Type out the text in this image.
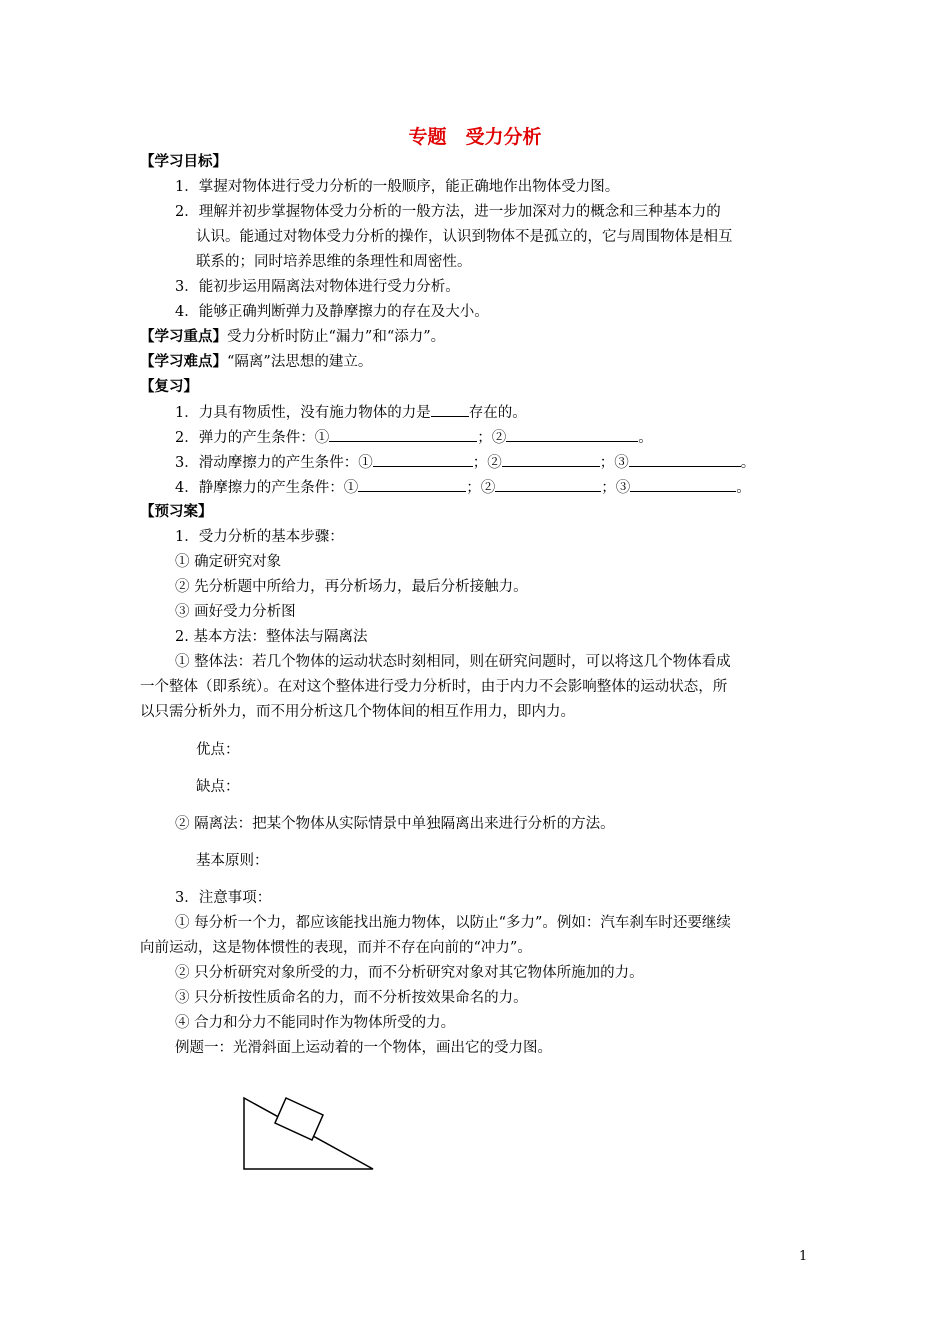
专题　受力分析
【学习目标】
1．掌握对物体进行受力分析的一般顺序，能正确地作出物体受力图。
2．理解并初步掌握物体受力分析的一般方法，进一步加深对力的概念和三种基本力的
认识。能通过对物体受力分析的操作，认识到物体不是孤立的，它与周围物体是相互
联系的；同时培养思维的条理性和周密性。
3．能初步运用隔离法对物体进行受力分析。
4．能够正确判断弹力及静摩擦力的存在及大小。
【学习重点】受力分析时防止“漏力”和“添力”。
【学习难点】“隔离”法思想的建立。
【复习】
1．力具有物质性，没有施力物体的力是	存在的。
2．弹力的产生条件：①	；②	。
3．滑动摩擦力的产生条件：①	；②	；③	。
4．静摩擦力的产生条件：①	；②	；③	。
【预习案】
1．受力分析的基本步骤：
① 确定研究对象
② 先分析题中所给力，再分析场力，最后分析接触力。
③ 画好受力分析图
2. 基本方法：整体法与隔离法
① 整体法：若几个物体的运动状态时刻相同，则在研究问题时，可以将这几个物体看成
一个整体（即系统）。在对这个整体进行受力分析时，由于内力不会影响整体的运动状态，所
以只需分析外力，而不用分析这几个物体间的相互作用力，即内力。
优点：
缺点：
② 隔离法：把某个物体从实际情景中单独隔离出来进行分析的方法。
基本原则：
3．注意事项：
① 每分析一个力，都应该能找出施力物体，以防止“多力”。例如：汽车刹车时还要继续
向前运动，这是物体惯性的表现，而并不存在向前的“冲力”。
② 只分析研究对象所受的力，而不分析研究对象对其它物体所施加的力。
③ 只分析按性质命名的力，而不分析按效果命名的力。
④ 合力和分力不能同时作为物体所受的力。
例题一：光滑斜面上运动着的一个物体，画出它的受力图。
1
